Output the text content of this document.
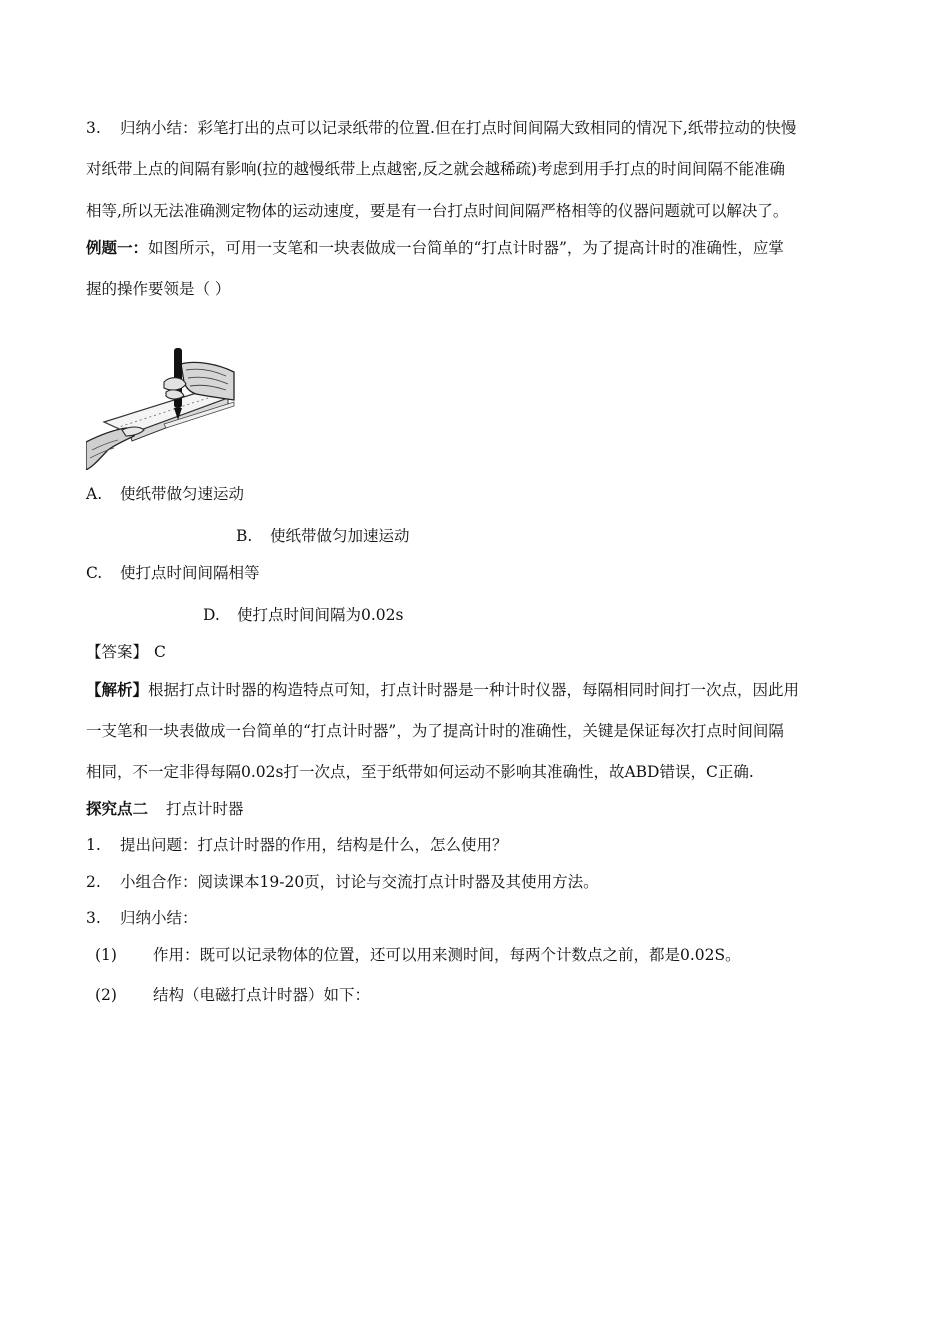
3. 归纳小结：彩笔打出的点可以记录纸带的位置.但在打点时间间隔大致相同的情况下,纸带拉动的快慢
对纸带上点的间隔有影响(拉的越慢纸带上点越密,反之就会越稀疏)考虑到用手打点的时间间隔不能准确
相等,所以无法准确测定物体的运动速度，要是有一台打点时间间隔严格相等的仪器问题就可以解决了。
例题一：如图所示，可用一支笔和一块表做成一台简单的“打点计时器”，为了提高计时的准确性，应掌
握的操作要领是（ ）
A. 使纸带做匀速运动
B. 使纸带做匀加速运动
C. 使打点时间间隔相等
D. 使打点时间间隔为0.02s
【答案】 C
【解析】根据打点计时器的构造特点可知，打点计时器是一种计时仪器，每隔相同时间打一次点，因此用
一支笔和一块表做成一台简单的“打点计时器”，为了提高计时的准确性，关键是保证每次打点时间间隔
相同，不一定非得每隔0.02s打一次点，至于纸带如何运动不影响其准确性，故ABD错误，C正确.
探究点二 打点计时器
1. 提出问题：打点计时器的作用，结构是什么，怎么使用？
2. 小组合作：阅读课本19-20页，讨论与交流打点计时器及其使用方法。
3. 归纳小结：
(1) 作用：既可以记录物体的位置，还可以用来测时间，每两个计数点之前，都是0.02S。
(2) 结构（电磁打点计时器）如下：
